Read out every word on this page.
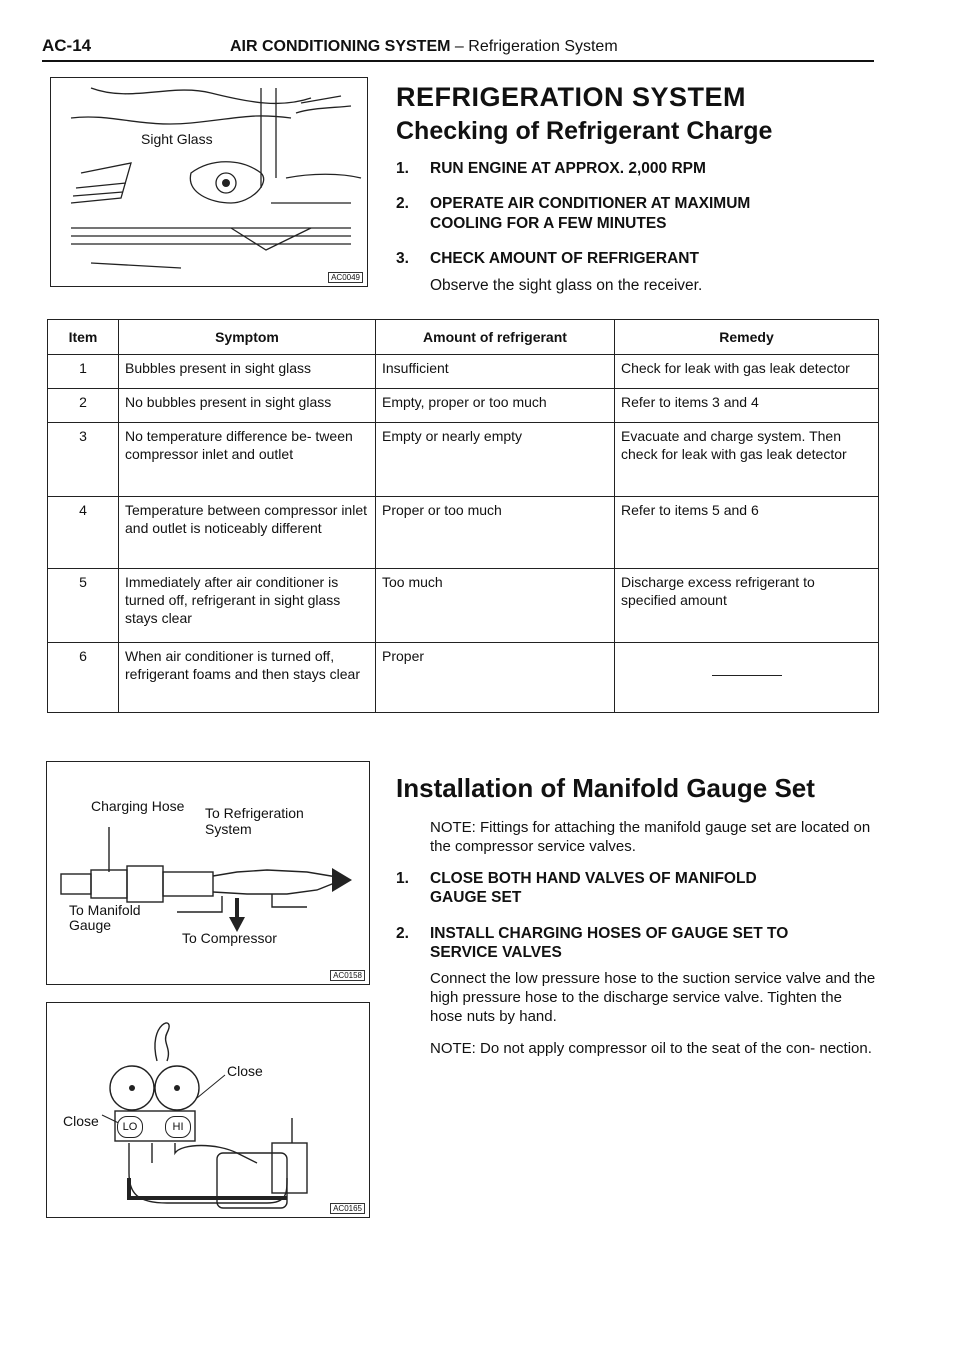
AC-14	AIR CONDITIONING SYSTEM – Refrigeration System
Sight Glass
AC0049
REFRIGERATION SYSTEM
Checking of Refrigerant Charge
1. RUN ENGINE AT APPROX. 2,000 RPM
2. OPERATE AIR CONDITIONER AT MAXIMUM
COOLING FOR A FEW MINUTES
3. CHECK AMOUNT OF REFRIGERANT
Observe the sight glass on the receiver.
Item	Symptom	Amount of refrigerant	Remedy
1	Bubbles present in sight glass	Insufficient	Check for leak with gas leak detector
2	No bubbles present in sight glass	Empty, proper or too much	Refer to items 3 and 4
3	No temperature difference be- tween compressor inlet and outlet	Empty or nearly empty	Evacuate and charge system. Then check for leak with gas leak detector
4	Temperature between compressor inlet and outlet is noticeably different	Proper or too much	Refer to items 5 and 6
5	Immediately after air conditioner is turned off, refrigerant in sight glass stays clear	Too much	Discharge excess refrigerant to specified amount
6	When air conditioner is turned off, refrigerant foams and then stays clear	Proper	
Charging Hose To Refrigeration
System
To Manifold
Gauge
To Compressor
AC0158
LO	HI
Close
Close
AC0165
Installation of Manifold Gauge Set
NOTE: Fittings for attaching the manifold gauge set are located on the compressor service valves.
1. CLOSE BOTH HAND VALVES OF MANIFOLD
GAUGE SET
2. INSTALL CHARGING HOSES OF GAUGE SET TO
SERVICE VALVES
Connect the low pressure hose to the suction service valve and the high pressure hose to the discharge service valve. Tighten the hose nuts by hand.
NOTE: Do not apply compressor oil to the seat of the con- nection.
